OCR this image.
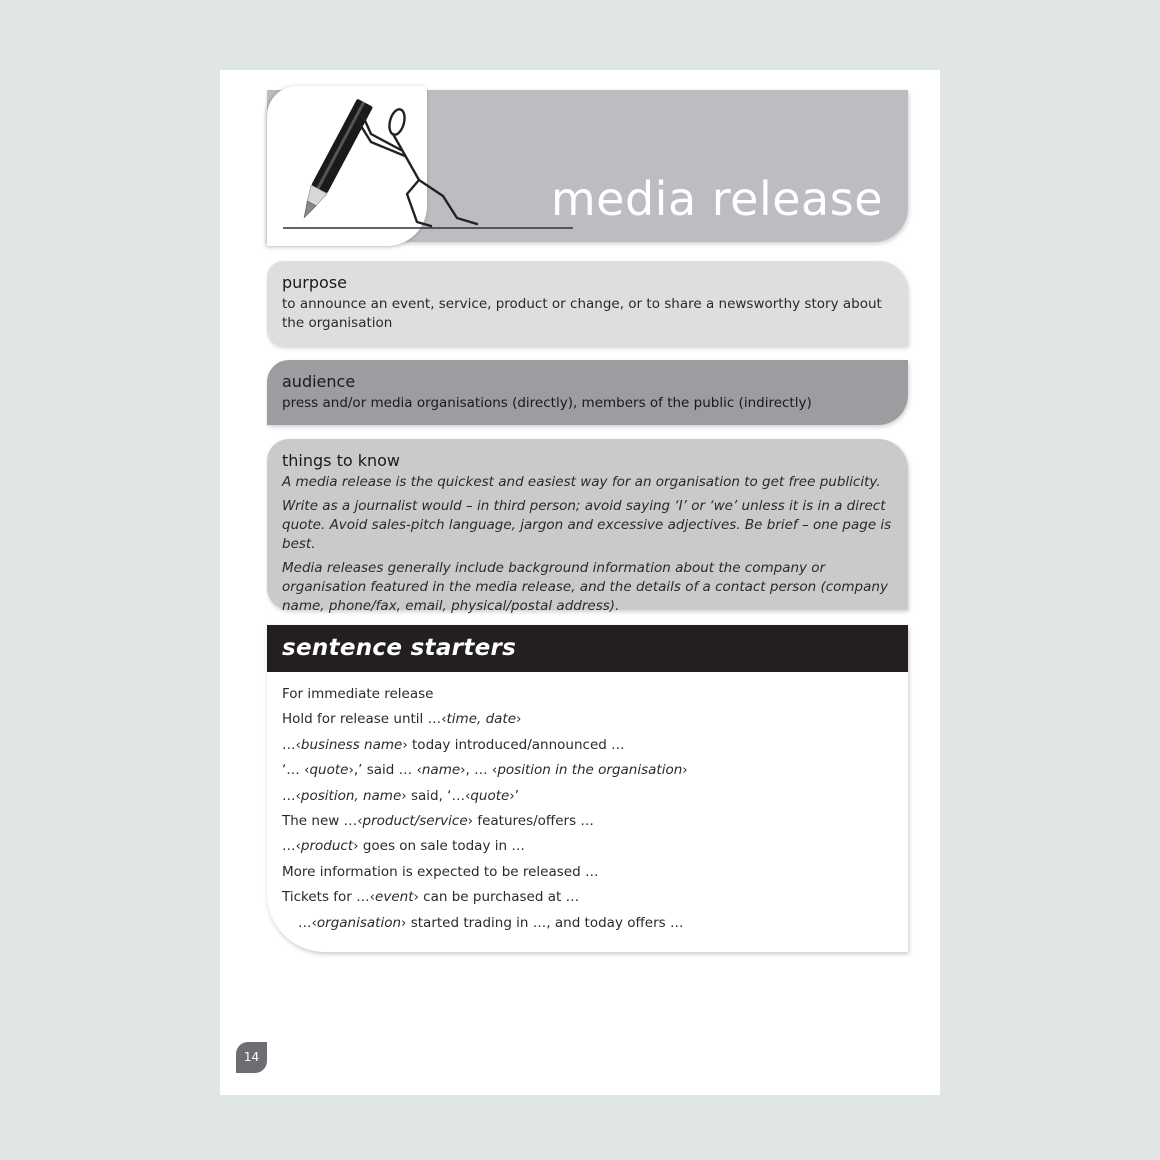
media release
purpose

to announce an event, service, product or change, or to share a newsworthy story about the organisation

audience

press and/or media organisations (directly), members of the public (indirectly)

things to know

A media release is the quickest and easiest way for an organisation to get free publicity.

Write as a journalist would – in third person; avoid saying ‘I’ or ‘we’ unless it is in a direct quote. Avoid sales-pitch language, jargon and excessive adjectives. Be brief – one page is best.

Media releases generally include background information about the company or organisation featured in the media release, and the details of a contact person (company name, phone/fax, email, physical/postal address).

sentence starters
For immediate release
Hold for release until …‹time, date›
…‹business name› today introduced/announced …
‘… ‹quote›,’ said … ‹name›, … ‹position in the organisation›
…‹position, name› said, ‘…‹quote›’
The new …‹product/service› features/offers …
…‹product› goes on sale today in …
More information is expected to be released …
Tickets for …‹event› can be purchased at …
…‹organisation› started trading in …, and today offers …
14
